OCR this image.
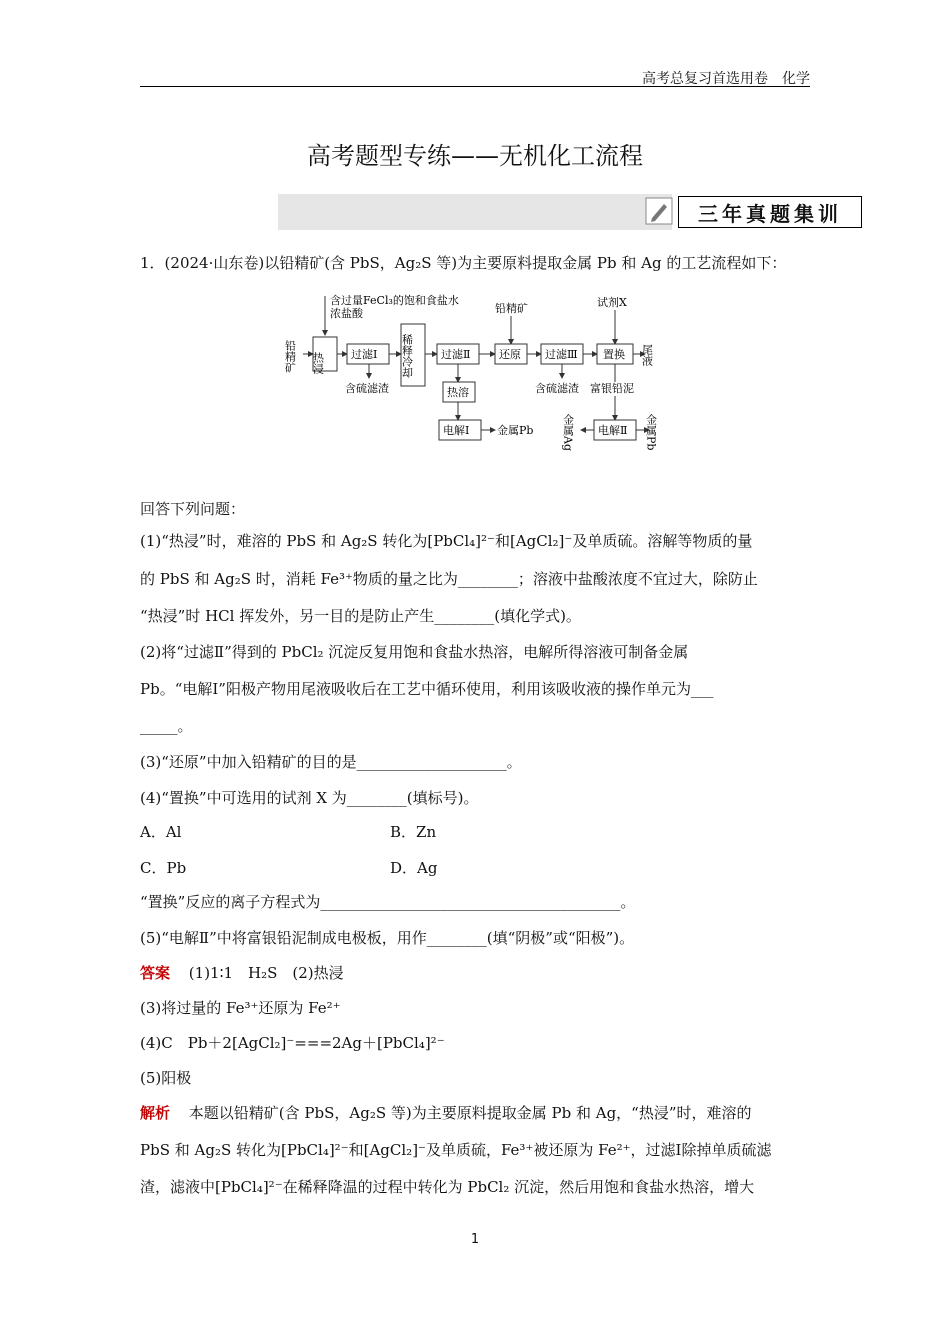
高考总复习首选用卷　化学
高考题型专练——无机化工流程
三年真题集训
1．(2024·山东卷)以铅精矿(含 PbS，Ag₂S 等)为主要原料提取金属 Pb 和 Ag 的工艺流程如下：
含过量FeCl₃的饱和食盐水
浓盐酸
铅精矿 热浸 过滤Ⅰ
含硫滤渣
稀释冷却	过滤Ⅱ
热溶
电解Ⅰ	金属Pb
铅精矿
还原 过滤Ⅲ
含硫滤渣
试剂X
置换 尾液
富银铅泥
电解Ⅱ
金属Ag	金属Pb
回答下列问题：
(1)“热浸”时，难溶的 PbS 和 Ag₂S 转化为[PbCl₄]²⁻和[AgCl₂]⁻及单质硫。溶解等物质的量
的 PbS 和 Ag₂S 时，消耗 Fe³⁺物质的量之比为________；溶液中盐酸浓度不宜过大，除防止
“热浸”时 HCl 挥发外，另一目的是防止产生________(填化学式)。
(2)将“过滤Ⅱ”得到的 PbCl₂ 沉淀反复用饱和食盐水热溶，电解所得溶液可制备金属
Pb。“电解Ⅰ”阳极产物用尾液吸收后在工艺中循环使用，利用该吸收液的操作单元为___
_____。
(3)“还原”中加入铅精矿的目的是____________________。
(4)“置换”中可选用的试剂 X 为________(填标号)。
A．Al	B．Zn
C．Pb	D．Ag
“置换”反应的离子方程式为________________________________________。
(5)“电解Ⅱ”中将富银铅泥制成电极板，用作________(填“阴极”或“阳极”)。
答案 (1)1∶1　H₂S　(2)热浸
(3)将过量的 Fe³⁺还原为 Fe²⁺
(4)C　Pb＋2[AgCl₂]⁻===2Ag＋[PbCl₄]²⁻
(5)阳极
解析 本题以铅精矿(含 PbS，Ag₂S 等)为主要原料提取金属 Pb 和 Ag，“热浸”时，难溶的
PbS 和 Ag₂S 转化为[PbCl₄]²⁻和[AgCl₂]⁻及单质硫，Fe³⁺被还原为 Fe²⁺，过滤Ⅰ除掉单质硫滤
渣，滤液中[PbCl₄]²⁻在稀释降温的过程中转化为 PbCl₂ 沉淀，然后用饱和食盐水热溶，增大
1
